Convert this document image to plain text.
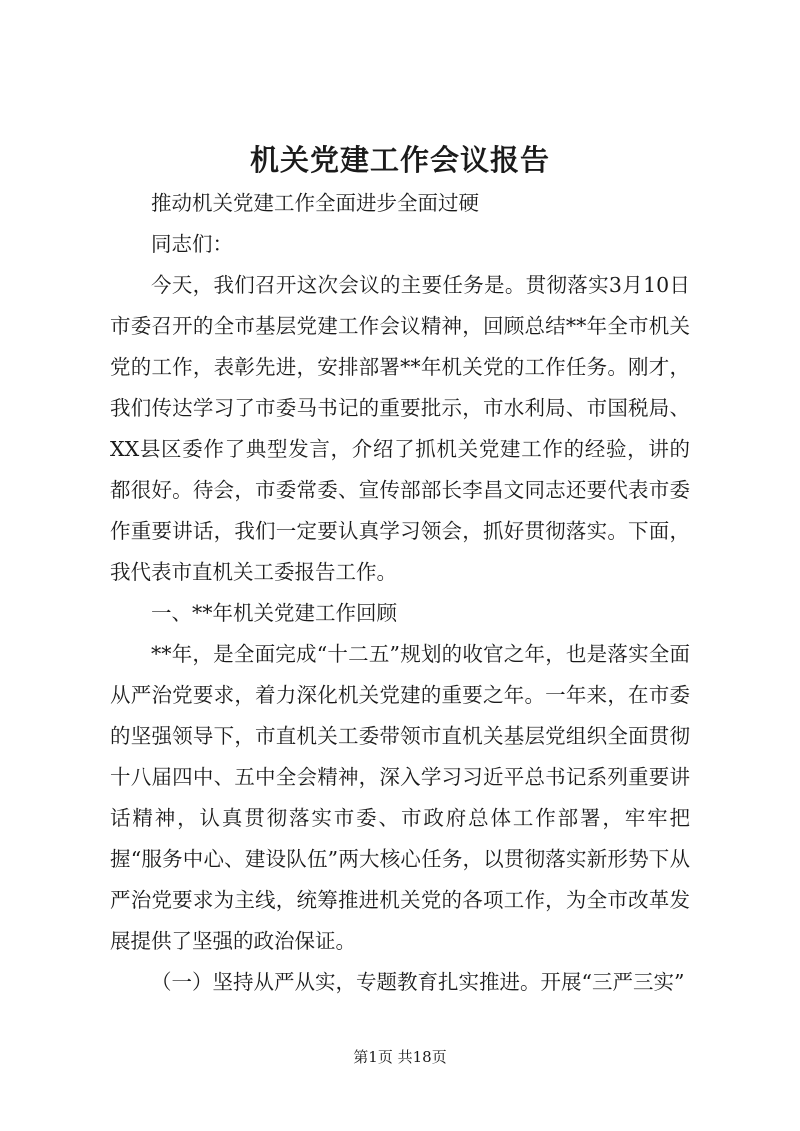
机关党建工作会议报告

推动机关党建工作全面进步全面过硬

同志们：

今天，我们召开这次会议的主要任务是。贯彻落实3月10日市委召开的全市基层党建工作会议精神，回顾总结**年全市机关党的工作，表彰先进，安排部署**年机关党的工作任务。刚才，我们传达学习了市委马书记的重要批示，市水利局、市国税局、XX县区委作了典型发言，介绍了抓机关党建工作的经验，讲的都很好。待会，市委常委、宣传部部长李昌文同志还要代表市委作重要讲话，我们一定要认真学习领会，抓好贯彻落实。下面，我代表市直机关工委报告工作。

一、**年机关党建工作回顾

**年，是全面完成“十二五”规划的收官之年，也是落实全面从严治党要求，着力深化机关党建的重要之年。一年来，在市委的坚强领导下，市直机关工委带领市直机关基层党组织全面贯彻十八届四中、五中全会精神，深入学习习近平总书记系列重要讲话精神，认真贯彻落实市委、市政府总体工作部署，牢牢把握“服务中心、建设队伍”两大核心任务，以贯彻落实新形势下从严治党要求为主线，统筹推进机关党的各项工作，为全市改革发展提供了坚强的政治保证。

（一）坚持从严从实，专题教育扎实推进。开展“三严三实”

第1页 共18页
